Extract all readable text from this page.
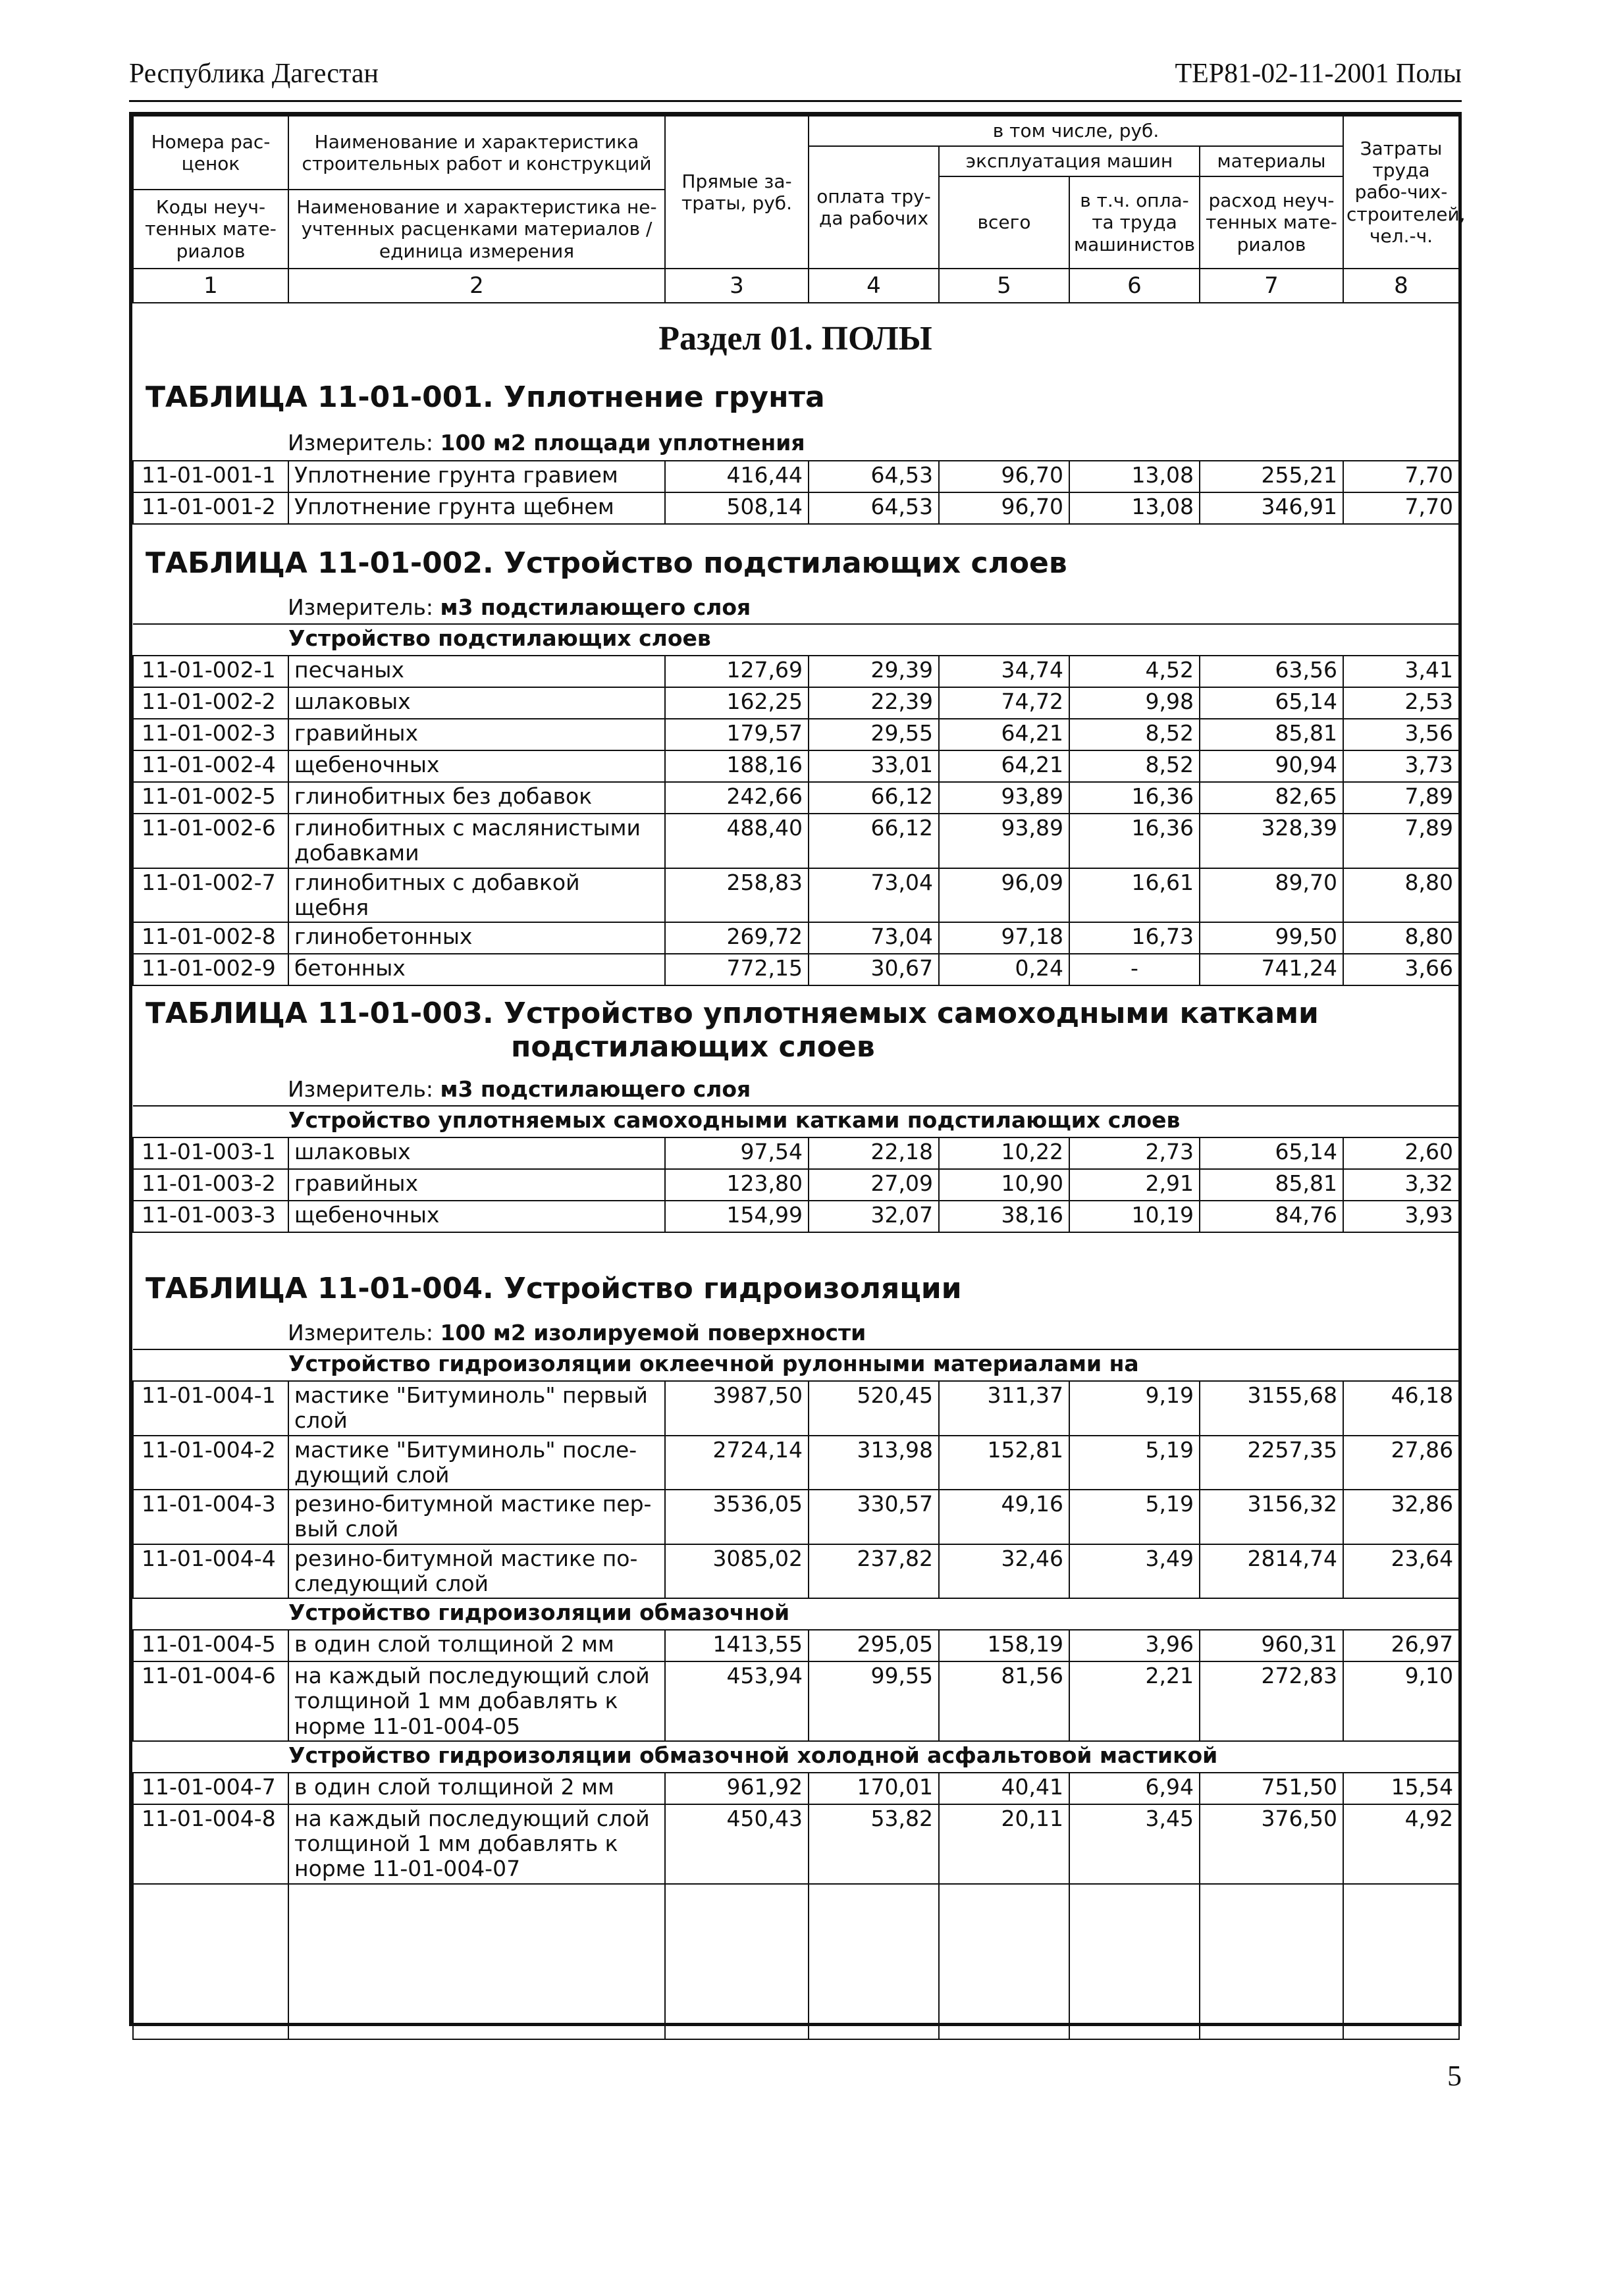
Республика Дагестан	ТЕР81-02-11-2001 Полы
Номера рас-ценок	Наименование и характеристика строительных работ и конструкций	Прямые за-траты, руб.	в том числе, руб.				Затраты труда рабо-чих-строителей, чел.-ч.
			оплата тру-да рабочих	эксплуатация машин		материалы	
				всего	в т.ч. опла-та труда машинистов	расход неуч-тенных мате-риалов	
Коды неуч-тенных мате-риалов	Наименование и характеристика не-учтенных расценками материалов / единица измерения						

1	2	3	4	5	6	7	8
Раздел 01. ПОЛЫ
ТАБЛИЦА 11-01-001. Уплотнение грунта
Измеритель: 100 м2 площади уплотнения
11-01-001-1	Уплотнение грунта гравием	416,44	64,53	96,70	13,08	255,21	7,70
11-01-001-2	Уплотнение грунта щебнем	508,14	64,53	96,70	13,08	346,91	7,70
ТАБЛИЦА 11-01-002. Устройство подстилающих слоев
Измеритель: м3 подстилающего слоя
Устройство подстилающих слоев							
11-01-002-1	песчаных	127,69	29,39	34,74	4,52	63,56	3,41
11-01-002-2	шлаковых	162,25	22,39	74,72	9,98	65,14	2,53
11-01-002-3	гравийных	179,57	29,55	64,21	8,52	85,81	3,56
11-01-002-4	щебеночных	188,16	33,01	64,21	8,52	90,94	3,73
11-01-002-5	глинобитных без добавок	242,66	66,12	93,89	16,36	82,65	7,89
11-01-002-6	глинобитных с маслянистыми добавками	488,40	66,12	93,89	16,36	328,39	7,89
11-01-002-7	глинобитных с добавкой щебня	258,83	73,04	96,09	16,61	89,70	8,80
11-01-002-8	глинобетонных	269,72	73,04	97,18	16,73	99,50	8,80
11-01-002-9	бетонных	772,15	30,67	0,24	-	741,24	3,66
ТАБЛИЦА 11-01-003. Устройство уплотняемых самоходными катками
подстилающих слоев
Измеритель: м3 подстилающего слоя
Устройство уплотняемых самоходными катками подстилающих слоев							
11-01-003-1	шлаковых	97,54	22,18	10,22	2,73	65,14	2,60
11-01-003-2	гравийных	123,80	27,09	10,90	2,91	85,81	3,32
11-01-003-3	щебеночных	154,99	32,07	38,16	10,19	84,76	3,93
ТАБЛИЦА 11-01-004. Устройство гидроизоляции
Измеритель: 100 м2 изолируемой поверхности
Устройство гидроизоляции оклеечной рулонными материалами на							
11-01-004-1	мастике "Битуминоль" первый слой	3987,50	520,45	311,37	9,19	3155,68	46,18
11-01-004-2	мастике "Битуминоль" после-дующий слой	2724,14	313,98	152,81	5,19	2257,35	27,86
11-01-004-3	резино-битумной мастике пер-вый слой	3536,05	330,57	49,16	5,19	3156,32	32,86
11-01-004-4	резино-битумной мастике по-следующий слой	3085,02	237,82	32,46	3,49	2814,74	23,64
Устройство гидроизоляции обмазочной							
11-01-004-5	в один слой толщиной 2 мм	1413,55	295,05	158,19	3,96	960,31	26,97
11-01-004-6	на каждый последующий слой толщиной 1 мм добавлять к норме 11-01-004-05	453,94	99,55	81,56	2,21	272,83	9,10
Устройство гидроизоляции обмазочной холодной асфальтовой мастикой							
11-01-004-7	в один слой толщиной 2 мм	961,92	170,01	40,41	6,94	751,50	15,54
11-01-004-8	на каждый последующий слой толщиной 1 мм добавлять к норме 11-01-004-07	450,43	53,82	20,11	3,45	376,50	4,92

5
